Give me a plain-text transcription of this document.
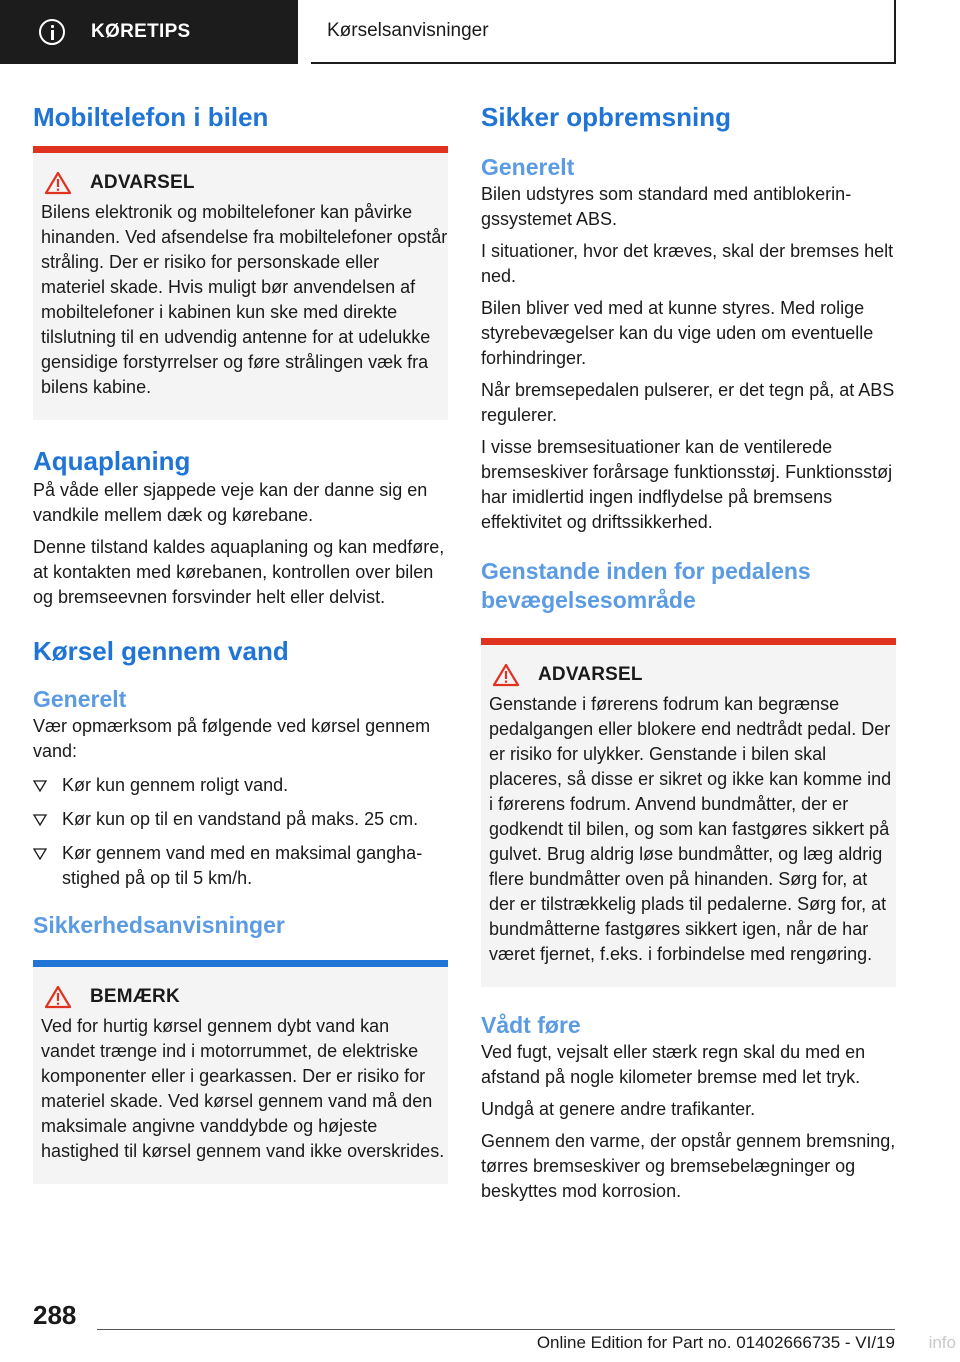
KØRETIPS	Kørselsanvisninger
Mobiltelefon i bilen
ADVARSEL

Bilens elektronik og mobiltelefoner kan påvirke hinanden. Ved afsendelse fra mobiltelefoner opstår stråling. Der er risiko for personskade eller materiel skade. Hvis muligt bør anvendelsen af mobiltelefoner i kabinen kun ske med direkte tilslutning til en udvendig antenne for at udelukke gensidige forstyrrelser og føre strålingen væk fra bilens kabine.

Aquaplaning

På våde eller sjappede veje kan der danne sig en vandkile mellem dæk og kørebane.

Denne tilstand kaldes aquaplaning og kan medføre, at kontakten med kørebanen, kontrollen over bilen og bremseevnen forsvinder helt eller delvist.

Kørsel gennem vand
Generelt

Vær opmærksom på følgende ved kørsel gennem vand:

Kør kun gennem roligt vand.
Kør kun op til en vandstand på maks. 25 cm.
Kør gennem vand med en maksimal ganghastighed på op til 5 km/h.
Sikkerhedsanvisninger
BEMÆRK

Ved for hurtig kørsel gennem dybt vand kan vandet trænge ind i motorrummet, de elektriske komponenter eller i gearkassen. Der er risiko for materiel skade. Ved kørsel gennem vand må den maksimale angivne vanddybde og højeste hastighed til kørsel gennem vand ikke overskrides.

Sikker opbremsning
Generelt

Bilen udstyres som standard med antiblokeringssystemet ABS.

I situationer, hvor det kræves, skal der bremses helt ned.

Bilen bliver ved med at kunne styres. Med rolige styrebevægelser kan du vige uden om eventuelle forhindringer.

Når bremsepedalen pulserer, er det tegn på, at ABS regulerer.

I visse bremsesituationer kan de ventilerede bremseskiver forårsage funktionsstøj. Funktionsstøj har imidlertid ingen indflydelse på bremsens effektivitet og driftssikkerhed.

Genstande inden for pedalens bevægelsesområde
ADVARSEL

Genstande i førerens fodrum kan begrænse pedalgangen eller blokere end nedtrådt pedal. Der er risiko for ulykker. Genstande i bilen skal placeres, så disse er sikret og ikke kan komme ind i førerens fodrum. Anvend bundmåtter, der er godkendt til bilen, og som kan fastgøres sikkert på gulvet. Brug aldrig løse bundmåtter, og læg aldrig flere bundmåtter oven på hinanden. Sørg for, at der er tilstrækkelig plads til pedalerne. Sørg for, at bundmåtterne fastgøres sikkert igen, når de har været fjernet, f.eks. i forbindelse med rengøring.

Vådt føre

Ved fugt, vejsalt eller stærk regn skal du med en afstand på nogle kilometer bremse med let tryk.

Undgå at genere andre trafikanter.

Gennem den varme, der opstår gennem bremsning, tørres bremseskiver og bremsebelægninger og beskyttes mod korrosion.

288
Online Edition for Part no. 01402666735 - VI/19 info
